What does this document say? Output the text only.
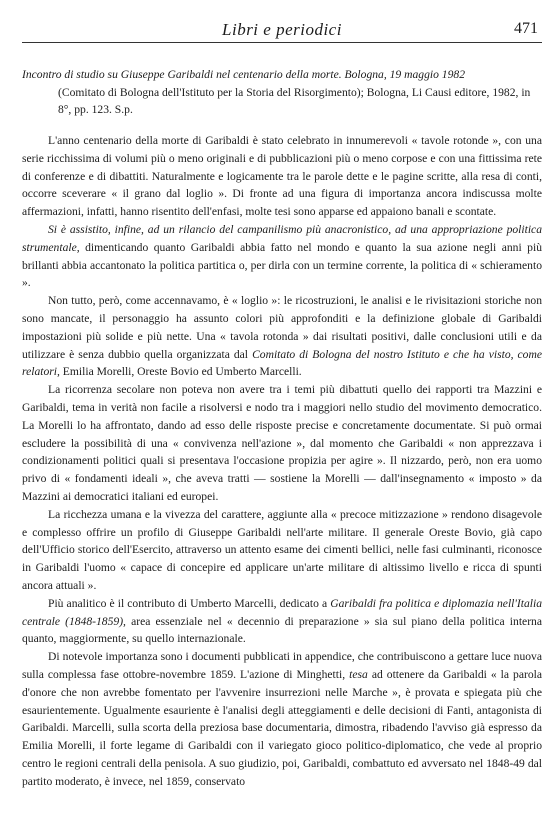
Libri e periodici	471
Incontro di studio su Giuseppe Garibaldi nel centenario della morte. Bologna, 19 maggio 1982
(Comitato di Bologna dell'Istituto per la Storia del Risorgimento); Bologna, Li Causi editore, 1982, in 8°, pp. 123. S.p.

L'anno centenario della morte di Garibaldi è stato celebrato in innumerevoli « tavole rotonde », con una serie ricchissima di volumi più o meno originali e di pubblicazioni più o meno corpose e con una fittissima rete di conferenze e di dibattiti. Naturalmente e logicamente tra le parole dette e le pagine scritte, alla resa di conti, occorre sceverare « il grano dal loglio ». Di fronte ad una figura di importanza ancora indiscussa molte affermazioni, infatti, hanno risentito dell'enfasi, molte tesi sono apparse ed appaiono banali e scontate.

Si è assistito, infine, ad un rilancio del campanilismo più anacronistico, ad una appropriazione politica strumentale, dimenticando quanto Garibaldi abbia fatto nel mondo e quanto la sua azione negli anni più brillanti abbia accantonato la politica partitica o, per dirla con un termine corrente, la politica di « schieramento ».

Non tutto, però, come accennavamo, è « loglio »: le ricostruzioni, le analisi e le rivisitazioni storiche non sono mancate, il personaggio ha assunto colori più approfonditi e la definizione globale di Garibaldi impostazioni più solide e più nette. Una « tavola rotonda » dai risultati positivi, dalle conclusioni utili e da utilizzare è senza dubbio quella organizzata dal Comitato di Bologna del nostro Istituto e che ha visto, come relatori, Emilia Morelli, Oreste Bovio ed Umberto Marcelli.

La ricorrenza secolare non poteva non avere tra i temi più dibattuti quello dei rapporti tra Mazzini e Garibaldi, tema in verità non facile a risolversi e nodo tra i maggiori nello studio del movimento democratico. La Morelli lo ha affrontato, dando ad esso delle risposte precise e concretamente documentate. Si può ormai escludere la possibilità di una « convivenza nell'azione », dal momento che Garibaldi « non apprezzava i condizionamenti politici quali si presentava l'occasione propizia per agire ». Il nizzardo, però, non era uomo privo di « fondamenti ideali », che aveva tratti — sostiene la Morelli — dall'insegnamento « imposto » da Mazzini ai democratici italiani ed europei.

La ricchezza umana e la vivezza del carattere, aggiunte alla « precoce mitizzazione » rendono disagevole e complesso offrire un profilo di Giuseppe Garibaldi nell'arte militare. Il generale Oreste Bovio, già capo dell'Ufficio storico dell'Esercito, attraverso un attento esame dei cimenti bellici, nelle fasi culminanti, riconosce in Garibaldi l'uomo « capace di concepire ed applicare un'arte militare di altissimo livello e ricca di spunti ancora attuali ».

Più analitico è il contributo di Umberto Marcelli, dedicato a Garibaldi fra politica e diplomazia nell'Italia centrale (1848-1859), area essenziale nel « decennio di preparazione » sia sul piano della politica interna quanto, maggiormente, su quello internazionale.

Di notevole importanza sono i documenti pubblicati in appendice, che contribuiscono a gettare luce nuova sulla complessa fase ottobre-novembre 1859. L'azione di Minghetti, tesa ad ottenere da Garibaldi « la parola d'onore che non avrebbe fomentato per l'avvenire insurrezioni nelle Marche », è provata e spiegata più che esaurientemente. Ugualmente esauriente è l'analisi degli atteggiamenti e delle decisioni di Fanti, antagonista di Garibaldi. Marcelli, sulla scorta della preziosa base documentaria, dimostra, ribadendo l'avviso già espresso da Emilia Morelli, il forte legame di Garibaldi con il variegato gioco politico-diplomatico, che vede al proprio centro le regioni centrali della penisola. A suo giudizio, poi, Garibaldi, combattuto ed avversato nel 1848-49 dal partito moderato, è invece, nel 1859, conservato
